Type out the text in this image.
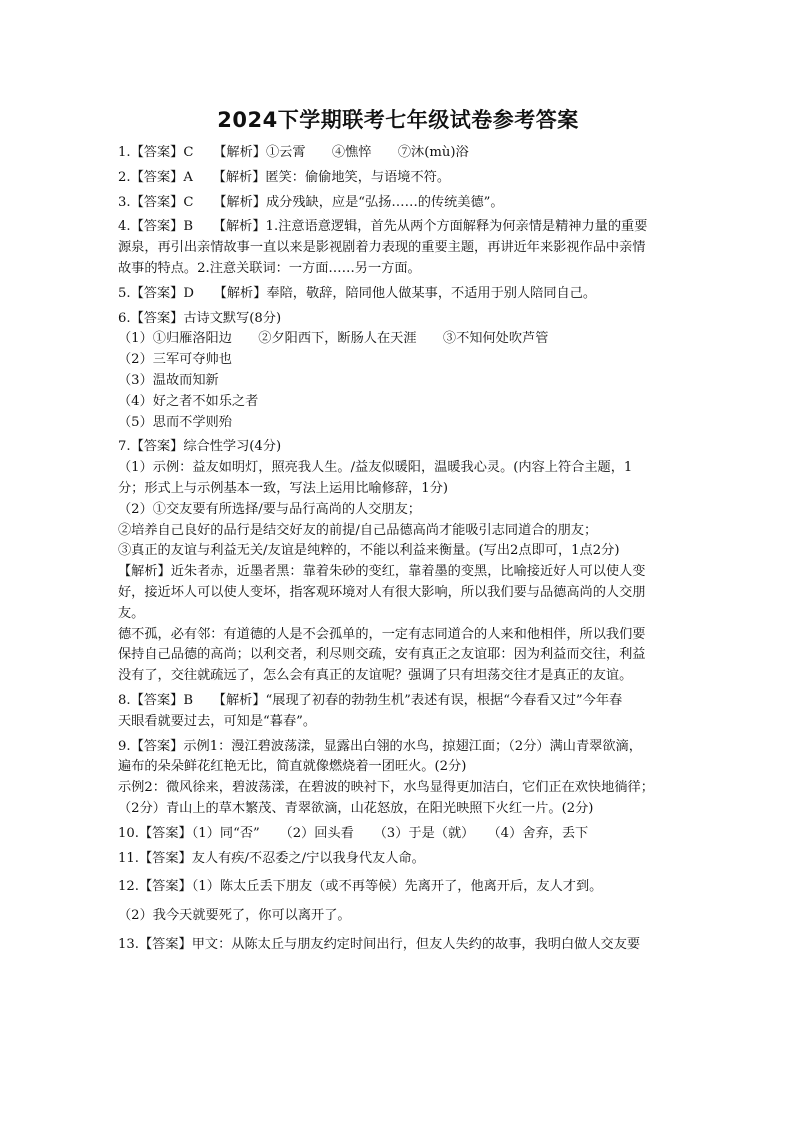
2024下学期联考七年级试卷参考答案
1.【答案】C　　【解析】①云霄　　④憔悴　　⑦沐(mù)浴
2.【答案】A　　【解析】匿笑：偷偷地笑，与语境不符。
3.【答案】C　　【解析】成分残缺，应是“弘扬……的传统美德”。
4.【答案】B　　【解析】1.注意语意逻辑，首先从两个方面解释为何亲情是精神力量的重要
源泉，再引出亲情故事一直以来是影视剧着力表现的重要主题，再讲近年来影视作品中亲情
故事的特点。2.注意关联词：一方面……另一方面。
5.【答案】D　　【解析】奉陪，敬辞，陪同他人做某事，不适用于别人陪同自己。
6.【答案】古诗文默写(8分)
（1）①归雁洛阳边　　②夕阳西下，断肠人在天涯　　③不知何处吹芦管
（2）三军可夺帅也
（3）温故而知新
（4）好之者不如乐之者
（5）思而不学则殆
7.【答案】综合性学习(4分)
（1）示例：益友如明灯，照亮我人生。/益友似暖阳，温暖我心灵。(内容上符合主题，1
分；形式上与示例基本一致，写法上运用比喻修辞，1分)
（2）①交友要有所选择/要与品行高尚的人交朋友；
②培养自己良好的品行是结交好友的前提/自己品德高尚才能吸引志同道合的朋友；
③真正的友谊与利益无关/友谊是纯粹的，不能以利益来衡量。(写出2点即可，1点2分)
【解析】近朱者赤，近墨者黑：靠着朱砂的变红，靠着墨的变黑，比喻接近好人可以使人变
好，接近坏人可以使人变坏，指客观环境对人有很大影响，所以我们要与品德高尚的人交朋
友。
德不孤，必有邻：有道德的人是不会孤单的，一定有志同道合的人来和他相伴，所以我们要
保持自己品德的高尚；以利交者，利尽则交疏，安有真正之友谊耶：因为利益而交往，利益
没有了，交往就疏远了，怎么会有真正的友谊呢？强调了只有坦荡交往才是真正的友谊。
8.【答案】B　　【解析】“展现了初春的勃勃生机”表述有误，根据“今春看又过”今年春
天眼看就要过去，可知是“暮春”。
9.【答案】示例1：漫江碧波荡漾，显露出白翎的水鸟，掠翅江面；（2分）满山青翠欲滴，
遍布的朵朵鲜花红艳无比，简直就像燃烧着一团旺火。(2分)
示例2：微风徐来，碧波荡漾，在碧波的映衬下，水鸟显得更加洁白，它们正在欢快地徜徉；
（2分）青山上的草木繁茂、青翠欲滴，山花怒放，在阳光映照下火红一片。(2分)
10.【答案】（1）同“否”　　（2）回头看　　（3）于是（就）　　（4）舍弃，丢下
11.【答案】友人有疾/不忍委之/宁以我身代友人命。
12.【答案】（1）陈太丘丢下朋友（或不再等候）先离开了，他离开后，友人才到。
（2）我今天就要死了，你可以离开了。
13.【答案】甲文：从陈太丘与朋友约定时间出行，但友人失约的故事，我明白做人交友要
